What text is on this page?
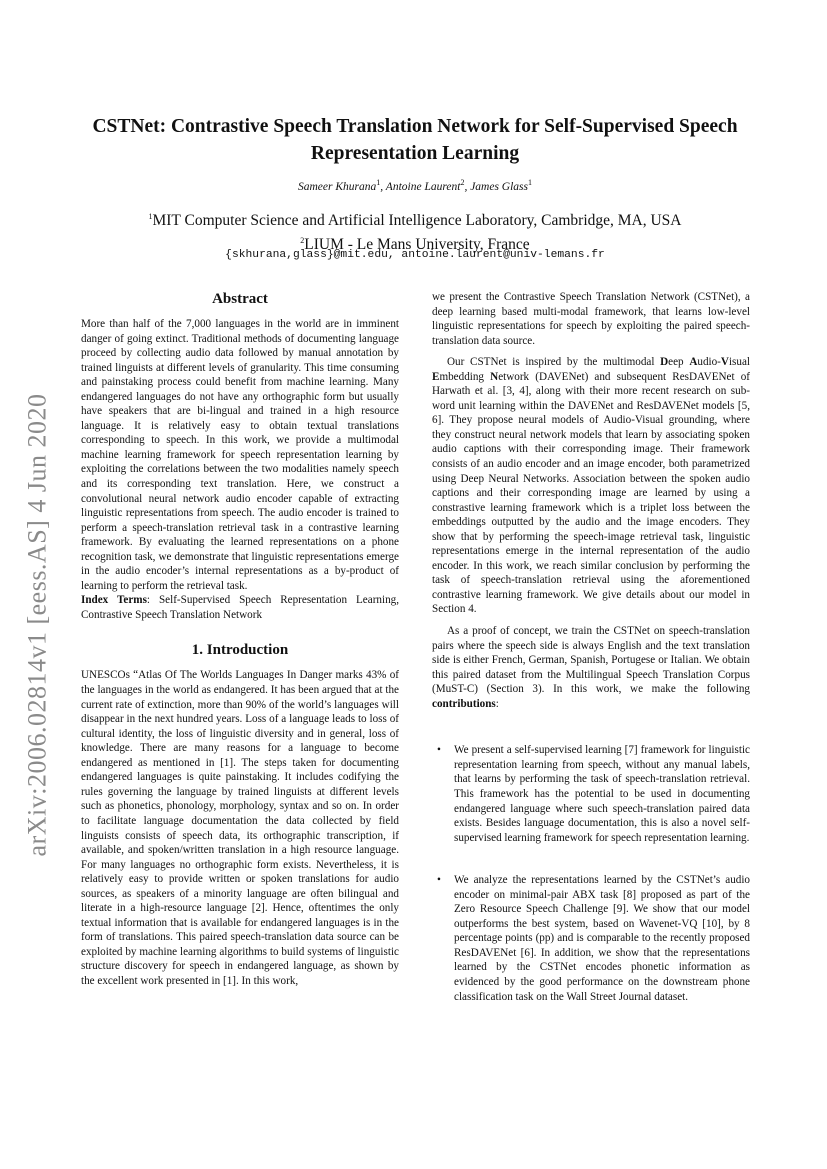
arXiv:2006.02814v1 [eess.AS] 4 Jun 2020
CSTNet: Contrastive Speech Translation Network for Self-Supervised Speech Representation Learning
Sameer Khurana$^1$, Antoine Laurent$^2$, James Glass$^1$
$^1$MIT Computer Science and Artificial Intelligence Laboratory, Cambridge, MA, USA
$^2$LIUM - Le Mans University, France
{skhurana,glass}@mit.edu, antoine.laurent@univ-lemans.fr
Abstract

More than half of the 7,000 languages in the world are in imminent danger of going extinct. Traditional methods of documenting language proceed by collecting audio data followed by manual annotation by trained linguists at different levels of granularity. This time consuming and painstaking process could benefit from machine learning. Many endangered languages do not have any orthographic form but usually have speakers that are bi-lingual and trained in a high resource language. It is relatively easy to obtain textual translations corresponding to speech. In this work, we provide a multimodal machine learning framework for speech representation learning by exploiting the correlations between the two modalities namely speech and its corresponding text translation. Here, we construct a convolutional neural network audio encoder capable of extracting linguistic representations from speech. The audio encoder is trained to perform a speech-translation retrieval task in a contrastive learning framework. By evaluating the learned representations on a phone recognition task, we demonstrate that linguistic representations emerge in the audio encoder’s internal representations as a by-product of learning to perform the retrieval task.

Index Terms: Self-Supervised Speech Representation Learning, Contrastive Speech Translation Network

1. Introduction

UNESCOs “Atlas Of The Worlds Languages In Danger marks 43% of the languages in the world as endangered. It has been argued that at the current rate of extinction, more than 90% of the world’s languages will disappear in the next hundred years. Loss of a language leads to loss of cultural identity, the loss of linguistic diversity and in general, loss of knowledge. There are many reasons for a language to become endangered as mentioned in [1]. The steps taken for documenting endangered languages is quite painstaking. It includes codifying the rules governing the language by trained linguists at different levels such as phonetics, phonology, morphology, syntax and so on. In order to facilitate language documentation the data collected by field linguists consists of speech data, its orthographic transcription, if available, and spoken/written translation in a high resource language. For many languages no orthographic form exists. Nevertheless, it is relatively easy to provide written or spoken translations for audio sources, as speakers of a minority language are often bilingual and literate in a high-resource language [2]. Hence, oftentimes the only textual information that is available for endangered languages is in the form of translations. This paired speech-translation data source can be exploited by machine learning algorithms to build systems of linguistic structure discovery for speech in endangered language, as shown by the excellent work presented in [1]. In this work,

we present the Contrastive Speech Translation Network (CSTNet), a deep learning based multi-modal framework, that learns low-level linguistic representations for speech by exploiting the paired speech-translation data source.

Our CSTNet is inspired by the multimodal Deep Audio-Visual Embedding Network (DAVENet) and subsequent ResDAVENet of Harwath et al. [3, 4], along with their more recent research on sub-word unit learning within the DAVENet and ResDAVENet models [5, 6]. They propose neural models of Audio-Visual grounding, where they construct neural network models that learn by associating spoken audio captions with their corresponding image. Their framework consists of an audio encoder and an image encoder, both parametrized using Deep Neural Networks. Association between the spoken audio captions and their corresponding image are learned by using a constrastive learning framework which is a triplet loss between the embeddings outputted by the audio and the image encoders. They show that by performing the speech-image retrieval task, linguistic representations emerge in the internal representation of the audio encoder. In this work, we reach similar conclusion by performing the task of speech-translation retrieval using the aforementioned contrastive learning framework. We give details about our model in Section 4.

As a proof of concept, we train the CSTNet on speech-translation pairs where the speech side is always English and the text translation side is either French, German, Spanish, Portugese or Italian. We obtain this paired dataset from the Multilingual Speech Translation Corpus (MuST-C) (Section 3). In this work, we make the following contributions:

• We present a self-supervised learning [7] framework for linguistic representation learning from speech, without any manual labels, that learns by performing the task of speech-translation retrieval. This framework has the potential to be used in documenting endangered language where such speech-translation paired data exists. Besides language documentation, this is also a novel self-supervised learning framework for speech representation learning.
• We analyze the representations learned by the CSTNet’s audio encoder on minimal-pair ABX task [8] proposed as part of the Zero Resource Speech Challenge [9]. We show that our model outperforms the best system, based on Wavenet-VQ [10], by 8 percentage points (pp) and is comparable to the recently proposed ResDAVENet [6]. In addition, we show that the representations learned by the CSTNet encodes phonetic information as evidenced by the good performance on the downstream phone classification task on the Wall Street Journal dataset.
